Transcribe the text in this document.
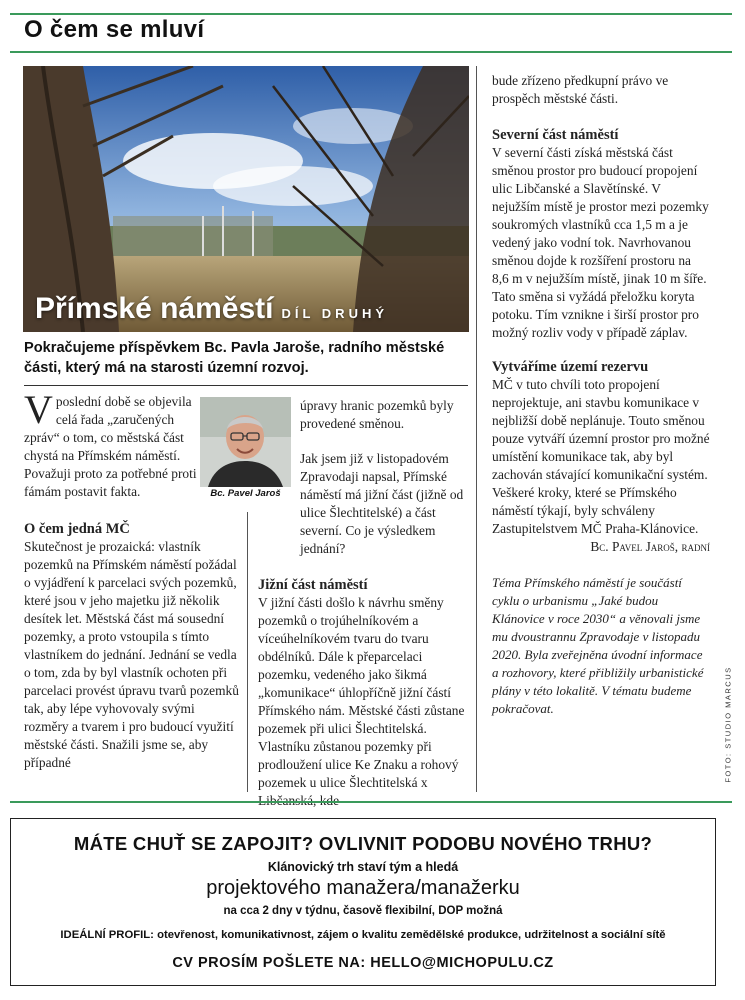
O čem se mluví
Přímské náměstí DÍL DRUHÝ
Pokračujeme příspěvkem Bc. Pavla Jaroše, radního městské části, který má na starosti územní rozvoj.
Bc. Pavel Jaroš

Vposlední době se objevila celá řada „zaručených zpráv“ o tom, co městská část chystá na Přímském náměstí. Považuji proto za potřebné proti fámám postavit fakta.

O čem jedná MČ

Skutečnost je prozaická: vlastník pozemků na Přímském náměstí požádal o vyjádření k parcelaci svých pozemků, které jsou v jeho majetku již několik desítek let. Městská část má sousední pozemky, a proto vstoupila s tímto vlastníkem do jednání. Jednání se vedla o tom, zda by byl vlastník ochoten při parcelaci provést úpravu tvarů pozemků tak, aby lépe vyhovovaly svými rozměry a tvarem i pro budoucí využití městské části. Snažili jsme se, aby případné

úpravy hranic pozemků byly provedené směnou.

Jak jsem již v listopadovém Zpravodaji napsal, Přímské náměstí má jižní část (jižně od ulice Šlechtitelské) a část severní. Co je výsledkem jednání?

Jižní část náměstí

V jižní části došlo k návrhu směny pozemků o trojúhelníkovém a víceúhelníkovém tvaru do tvaru obdélníků. Dále k přeparcelaci pozemku, vedeného jako šikmá „komunikace“ úhlopříčně jižní částí Přímského nám. Městské části zůstane pozemek při ulici Šlechtitelská. Vlastníku zůstanou pozemky při prodloužení ulice Ke Znaku a rohový pozemek u ulice Šlechtitelská x

bude zřízeno předkupní právo ve prospěch městské části.

Severní část náměstí

V severní části získá městská část směnou prostor pro budoucí propojení ulic Libčanské a Slavětínské. V nejužším místě je prostor mezi pozemky soukromých vlastníků cca 1,5 m a je vedený jako vodní tok. Navrhovanou směnou dojde k rozšíření prostoru na 8,6 m v nejužším místě, jinak 10 m šíře. Tato směna si vyžádá přeložku koryta potoku. Tím vznikne i širší prostor pro možný rozliv vody v případě záplav.

Vytváříme území rezervu

MČ v tuto chvíli toto propojení neprojektuje, ani stavbu komunikace v nejbližší době neplánuje. Touto směnou pouze vytváří územní prostor pro možné umístění komunikace tak, aby byl zachován stávající komunikační systém. Veškeré kroky, které se Přímského náměstí týkají, byly schváleny Zastupitelstvem MČ Praha-Klánovice.

Bc. Pavel Jaroš, radní

Téma Přímského náměstí je součástí cyklu o urbanismu „Jaké budou Klánovice v roce 2030“ a věnovali jsme mu dvoustrannu Zpravodaje v listopadu 2020. Byla zveřejněna úvodní informace a rozhovory, které přibližily urbanistické plány v této lokalitě. V tématu budeme pokračovat.	FOTO: STUDIO MARCUS
MÁTE CHUŤ SE ZAPOJIT? OVLIVNIT PODOBU NOVÉHO TRHU?
Klánovický trh staví tým a hledá
projektového manažera/manažerku
na cca 2 dny v týdnu, časově flexibilní, DOP možná
IDEÁLNÍ PROFIL: otevřenost, komunikativnost, zájem o kvalitu zemědělské produkce, udržitelnost a sociální sítě
CV PROSÍM POŠLETE NA: HELLO@MICHOPULU.CZ
